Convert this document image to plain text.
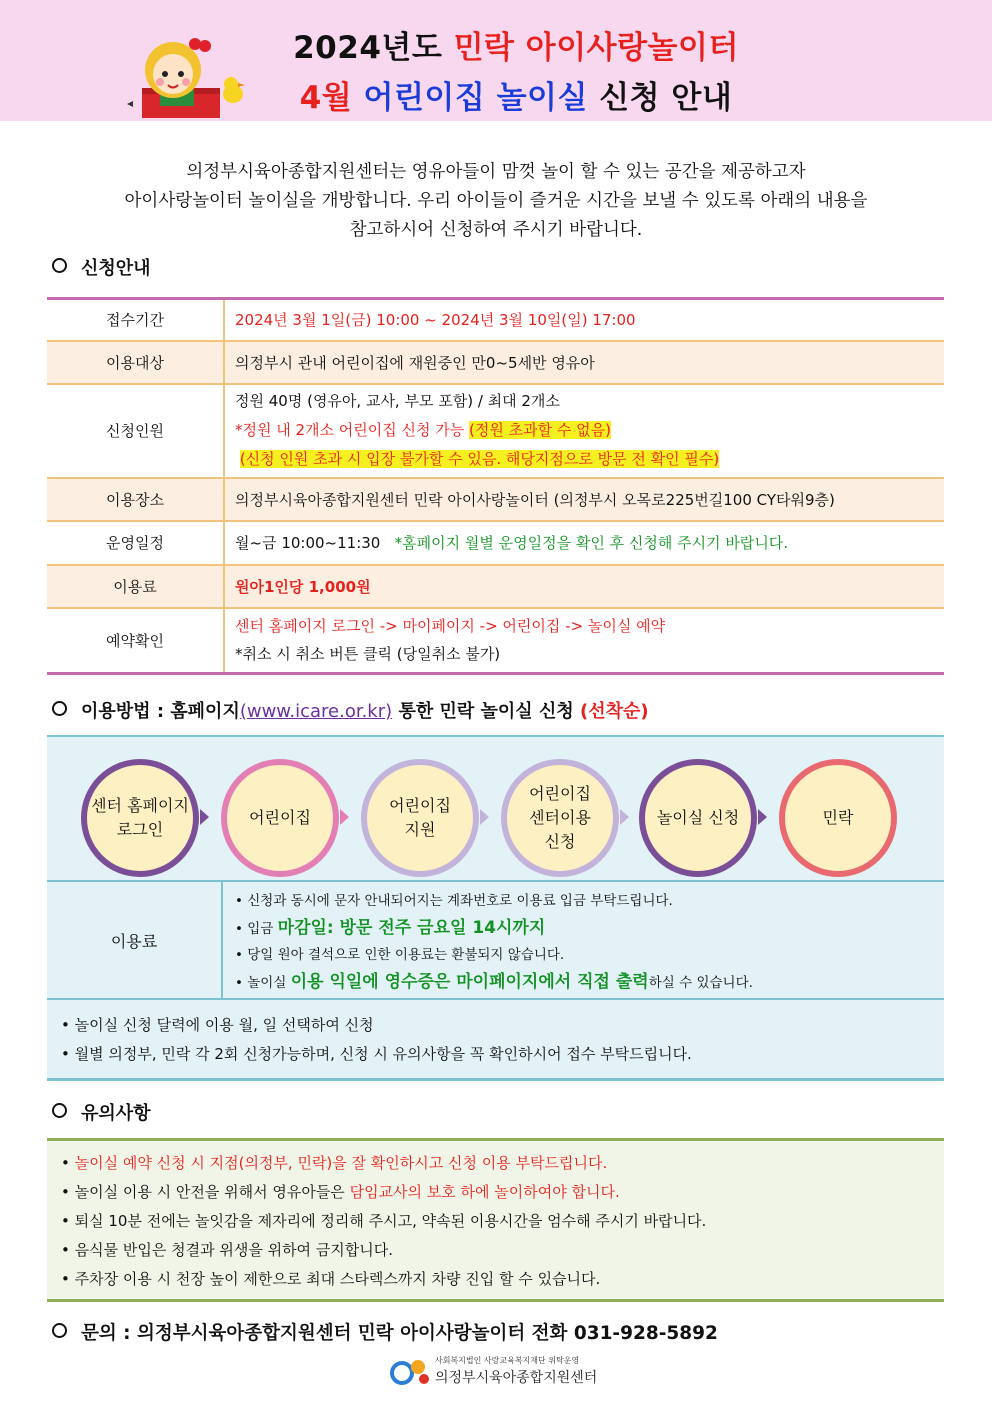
2024년도 민락 아이사랑놀이터
4월 어린이집 놀이실 신청 안내
의정부시육아종합지원센터는 영유아들이 맘껏 놀이 할 수 있는 공간을 제공하고자
아이사랑놀이터 놀이실을 개방합니다. 우리 아이들이 즐거운 시간을 보낼 수 있도록 아래의 내용을
참고하시어 신청하여 주시기 바랍니다.
신청안내
접수기간	2024년 3월 1일(금) 10:00 ~ 2024년 3월 10일(일) 17:00
이용대상	의정부시 관내 어린이집에 재원중인 만0~5세반 영유아
신청인원	정원 40명 (영유아, 교사, 부모 포함) / 최대 2개소
*정원 내 2개소 어린이집 신청 가능 (정원 초과할 수 없음)
(신청 인원 초과 시 입장 불가할 수 있음. 해당지점으로 방문 전 확인 필수)

이용장소	의정부시육아종합지원센터 민락 아이사랑놀이터 (의정부시 오목로225번길100 CY타워9층)
운영일정	월~금 10:00~11:30 *홈페이지 월별 운영일정을 확인 후 신청해 주시기 바랍니다.
이용료	원아1인당 1,000원
예약확인	센터 홈페이지 로그인 -> 마이페이지 -> 어린이집 -> 놀이실 예약
*취소 시 취소 버튼 클릭 (당일취소 불가)
이용방법 : 홈페이지(www.icare.or.kr) 통한 민락 놀이실 신청 (선착순)
센터 홈페이지
로그인
어린이집
어린이집
지원
어린이집
센터이용
신청
놀이실 신청	민락
이용료
• 신청과 동시에 문자 안내되어지는 계좌번호로 이용료 입금 부탁드립니다.
• 입금 마감일: 방문 전주 금요일 14시까지
• 당일 원아 결석으로 인한 이용료는 환불되지 않습니다.
• 놀이실 이용 익일에 영수증은 마이페이지에서 직접 출력하실 수 있습니다.
• 놀이실 신청 달력에 이용 월, 일 선택하여 신청
• 월별 의정부, 민락 각 2회 신청가능하며, 신청 시 유의사항을 꼭 확인하시어 접수 부탁드립니다.
유의사항
• 놀이실 예약 신청 시 지점(의정부, 민락)을 잘 확인하시고 신청 이용 부탁드립니다.
• 놀이실 이용 시 안전을 위해서 영유아들은 담임교사의 보호 하에 놀이하여야 합니다.
• 퇴실 10분 전에는 놀잇감을 제자리에 정리해 주시고, 약속된 이용시간을 엄수해 주시기 바랍니다.
• 음식물 반입은 청결과 위생을 위하여 금지합니다.
• 주차장 이용 시 천장 높이 제한으로 최대 스타렉스까지 차량 진입 할 수 있습니다.
문의 : 의정부시육아종합지원센터 민락 아이사랑놀이터 전화 031-928-5892
사회복지법인 사랑교육복지재단 위탁운영
의정부시육아종합지원센터
